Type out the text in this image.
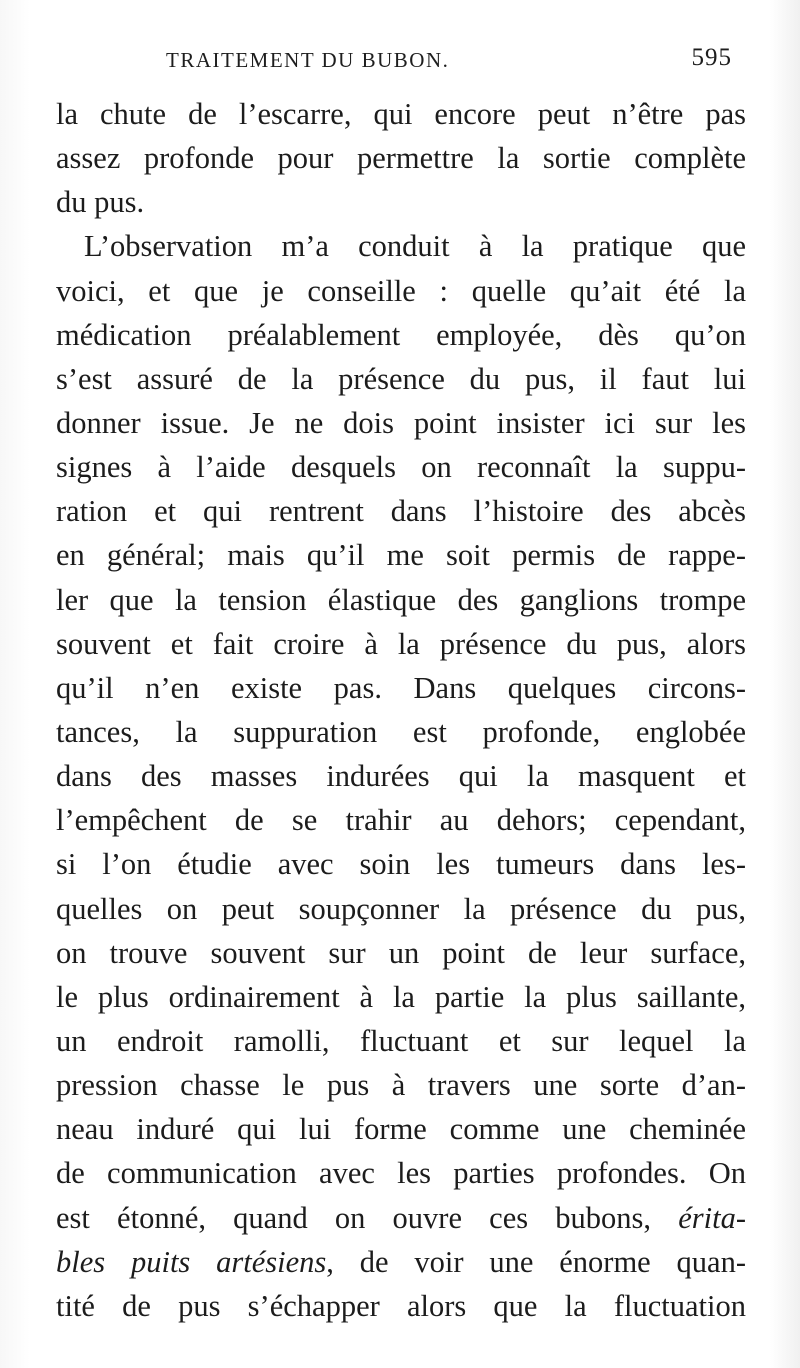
TRAITEMENT DU BUBON.	595
la chute de l’escarre, qui encore peut n’être pas
assez profonde pour permettre la sortie complète
du pus.
L’observation m’a conduit à la pratique que
voici, et que je conseille : quelle qu’ait été la
médication préalablement employée, dès qu’on
s’est assuré de la présence du pus, il faut lui
donner issue. Je ne dois point insister ici sur les
signes à l’aide desquels on reconnaît la suppu-
ration et qui rentrent dans l’histoire des abcès
en général; mais qu’il me soit permis de rappe-
ler que la tension élastique des ganglions trompe
souvent et fait croire à la présence du pus, alors
qu’il n’en existe pas. Dans quelques circons-
tances, la suppuration est profonde, englobée
dans des masses indurées qui la masquent et
l’empêchent de se trahir au dehors; cependant,
si l’on étudie avec soin les tumeurs dans les-
quelles on peut soupçonner la présence du pus,
on trouve souvent sur un point de leur surface,
le plus ordinairement à la partie la plus saillante,
un endroit ramolli, fluctuant et sur lequel la
pression chasse le pus à travers une sorte d’an-
neau induré qui lui forme comme une cheminée
de communication avec les parties profondes. On
est étonné, quand on ouvre ces bubons, érita-
bles puits artésiens, de voir une énorme quan-
tité de pus s’échapper alors que la fluctuation
